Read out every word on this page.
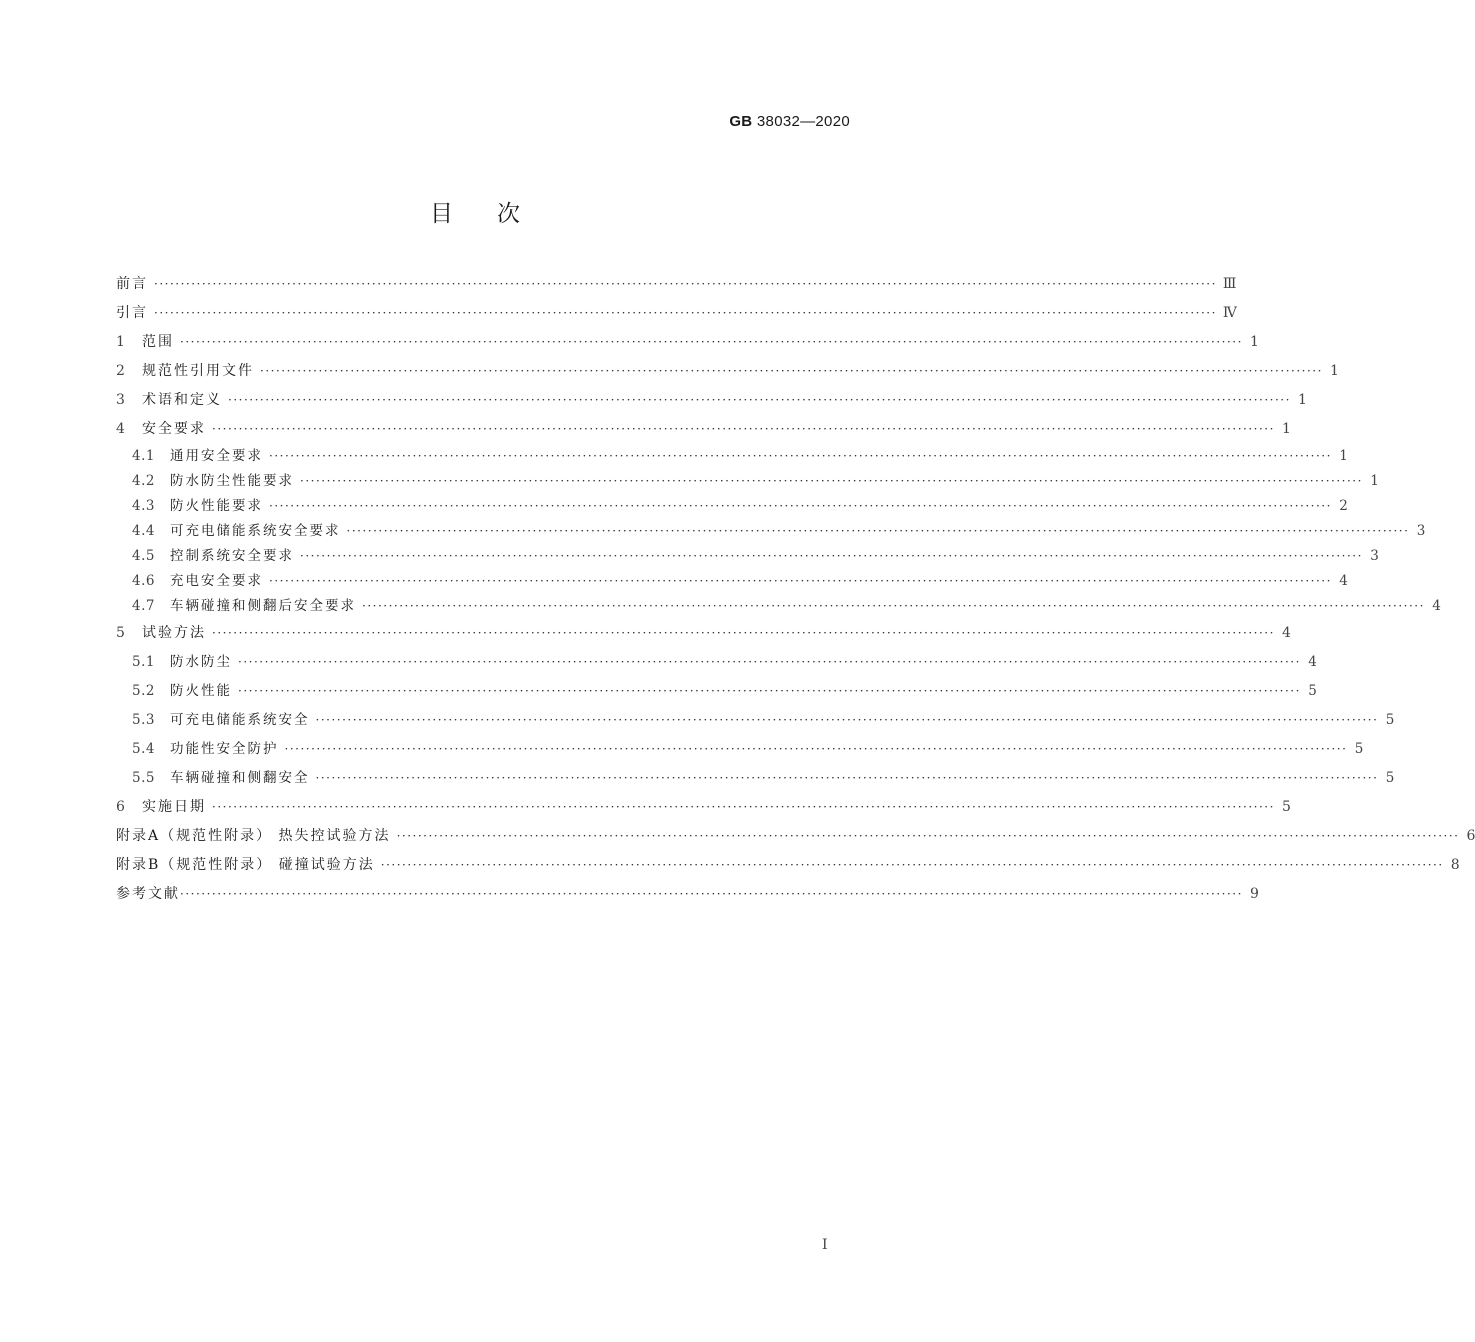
GB 38032—2020
目次
前言 ········································································································································································································ Ⅲ
引言 ········································································································································································································ Ⅳ
1	范围 ········································································································································································································ 1
2	规范性引用文件 ········································································································································································································ 1
3	术语和定义 ········································································································································································································ 1
4	安全要求 ········································································································································································································ 1
4.1	通用安全要求 ········································································································································································································ 1
4.2	防水防尘性能要求 ········································································································································································································ 1
4.3	防火性能要求 ········································································································································································································ 2
4.4	可充电储能系统安全要求 ········································································································································································································ 3
4.5	控制系统安全要求 ········································································································································································································ 3
4.6	充电安全要求 ········································································································································································································ 4
4.7	车辆碰撞和侧翻后安全要求 ········································································································································································································ 4
5	试验方法 ········································································································································································································ 4
5.1	防水防尘 ········································································································································································································ 4
5.2	防火性能 ········································································································································································································ 5
5.3	可充电储能系统安全 ········································································································································································································ 5
5.4	功能性安全防护 ········································································································································································································ 5
5.5	车辆碰撞和侧翻安全 ········································································································································································································ 5
6	实施日期 ········································································································································································································ 5
附录A（规范性附录） 热失控试验方法 ········································································································································································································ 6
附录B（规范性附录） 碰撞试验方法 ········································································································································································································ 8
参考文献 ········································································································································································································ 9
Ⅰ
